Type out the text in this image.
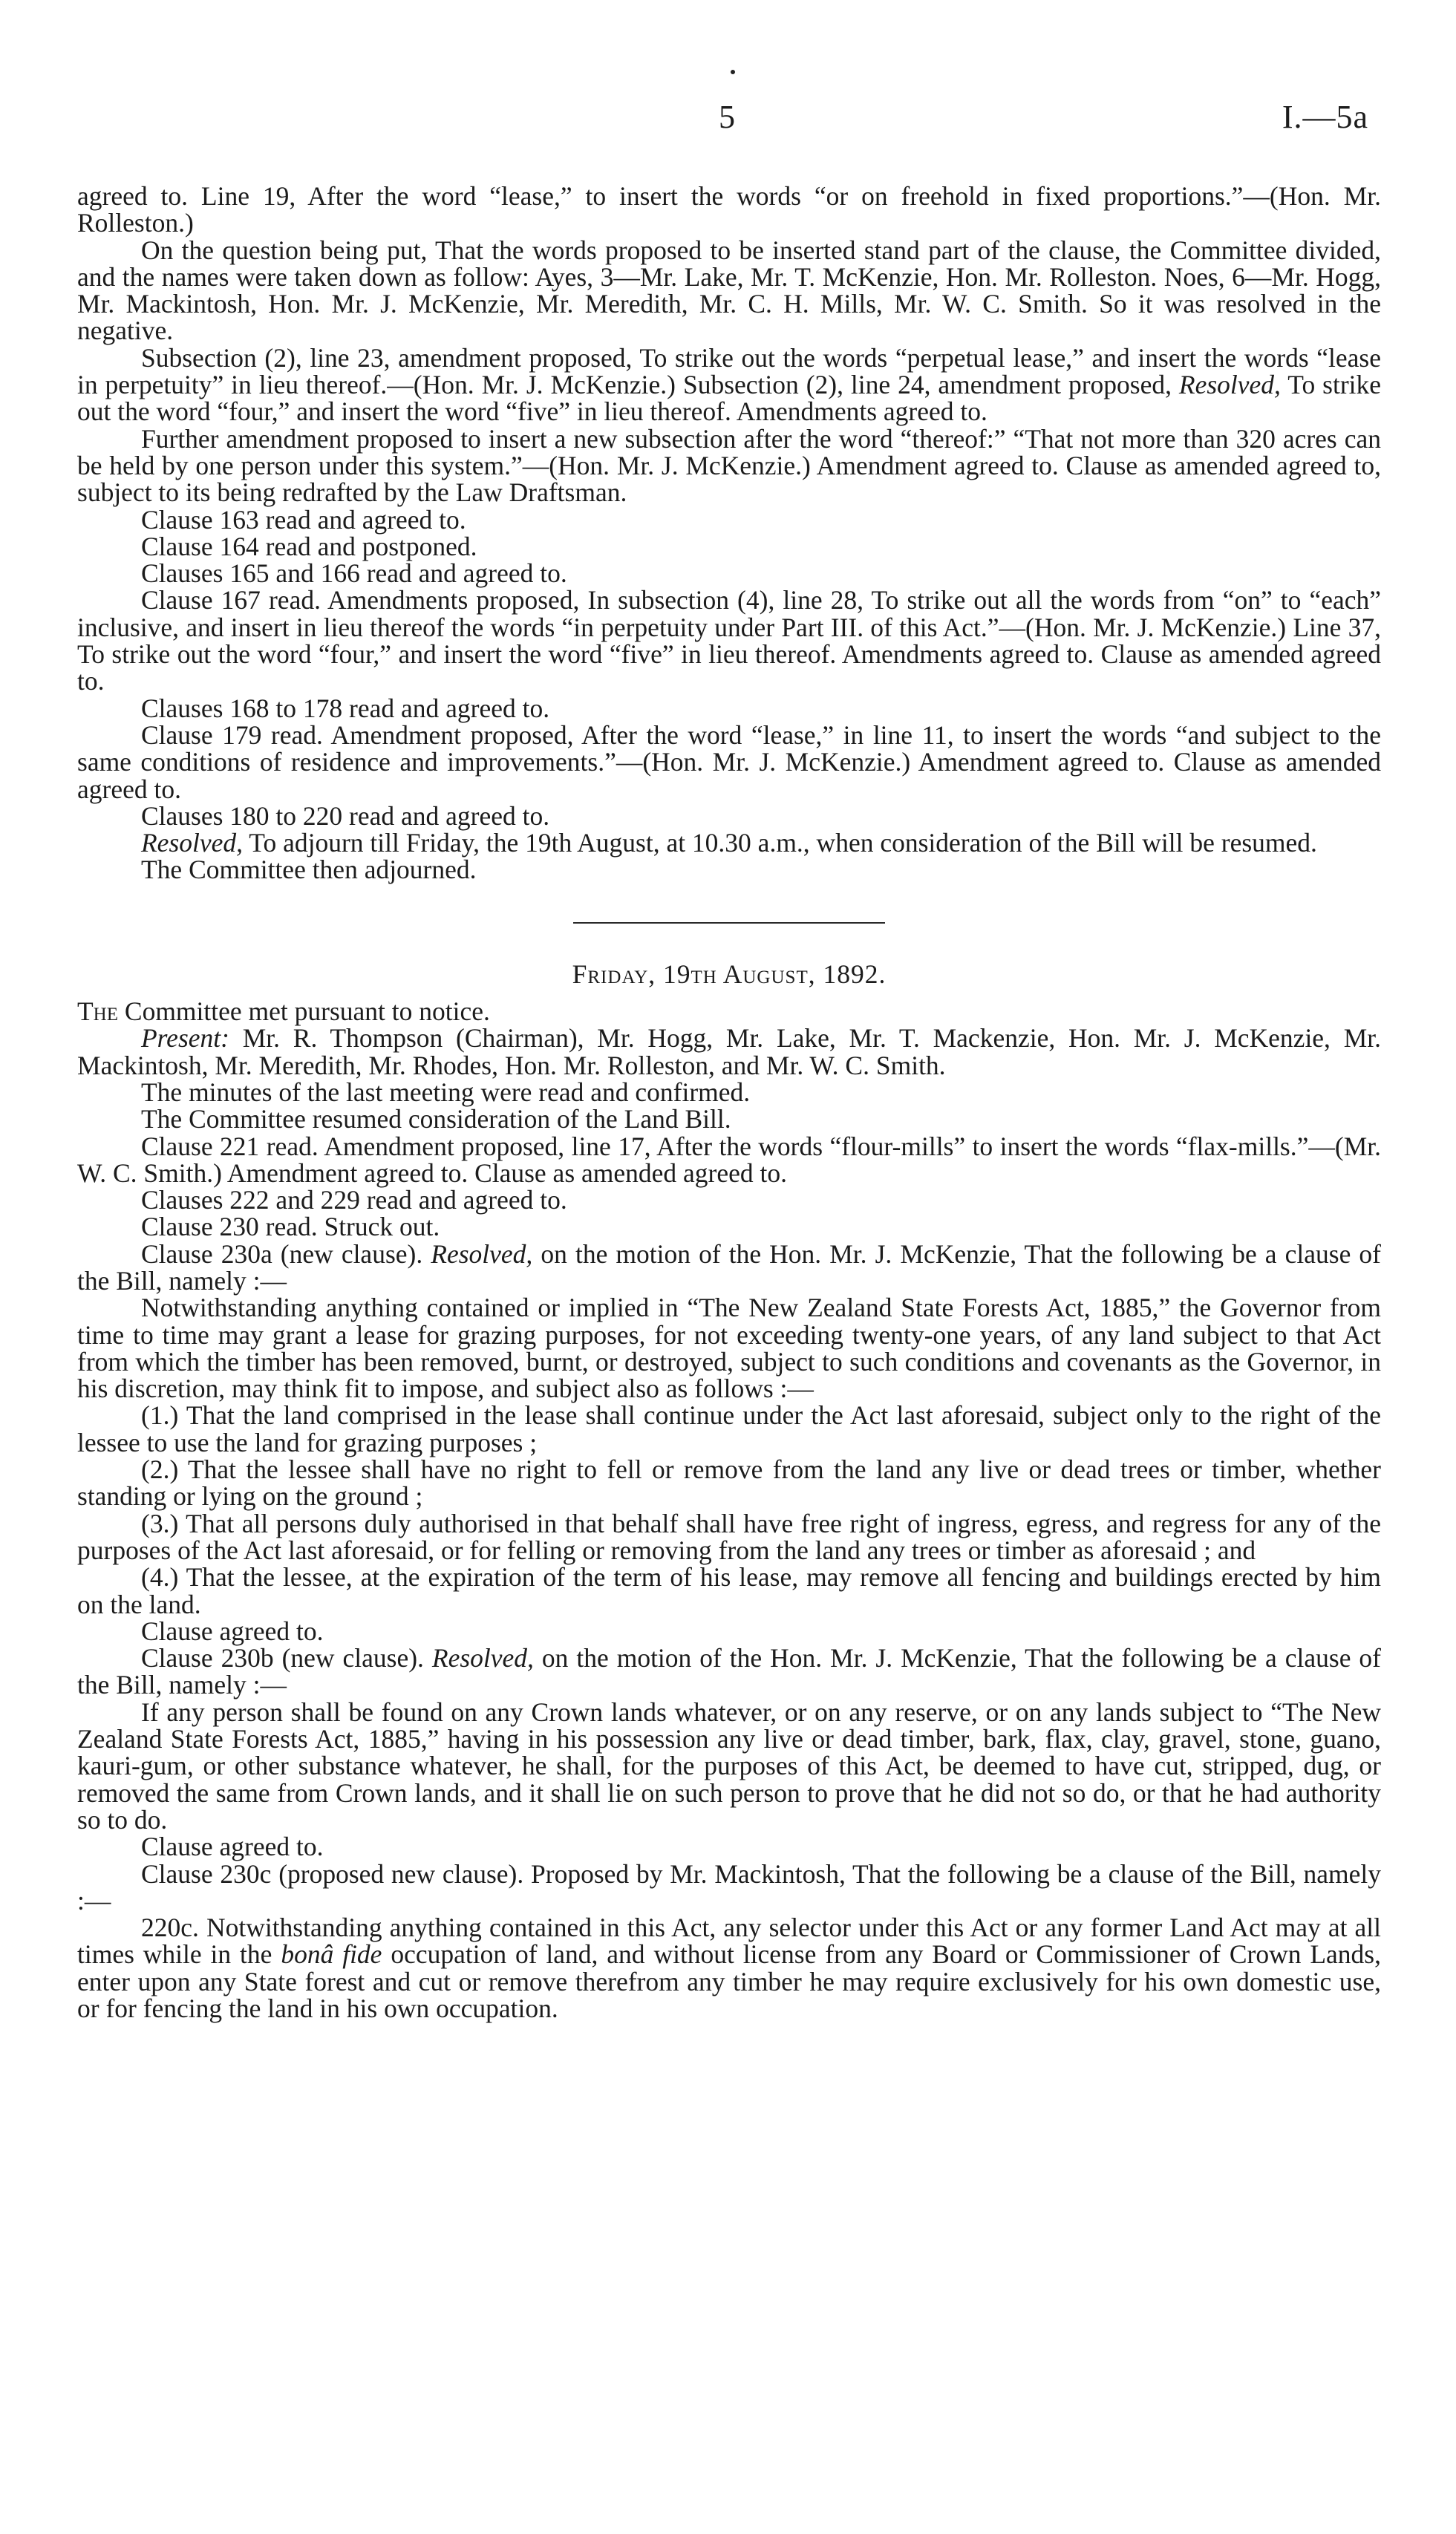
5	I.—5a

agreed to. Line 19, After the word “lease,” to insert the words “or on freehold in fixed proportions.”—(Hon. Mr. Rolleston.)

On the question being put, That the words proposed to be inserted stand part of the clause, the Committee divided, and the names were taken down as follow: Ayes, 3—Mr. Lake, Mr. T. McKenzie, Hon. Mr. Rolleston. Noes, 6—Mr. Hogg, Mr. Mackintosh, Hon. Mr. J. McKenzie, Mr. Meredith, Mr. C. H. Mills, Mr. W. C. Smith. So it was resolved in the negative.

Subsection (2), line 23, amendment proposed, To strike out the words “perpetual lease,” and insert the words “lease in perpetuity” in lieu thereof.—(Hon. Mr. J. McKenzie.) Subsection (2), line 24, amendment proposed, Resolved, To strike out the word “four,” and insert the word “five” in lieu thereof. Amendments agreed to.

Further amendment proposed to insert a new subsection after the word “thereof:” “That not more than 320 acres can be held by one person under this system.”—(Hon. Mr. J. McKenzie.) Amendment agreed to. Clause as amended agreed to, subject to its being redrafted by the Law Draftsman.

Clause 163 read and agreed to.

Clause 164 read and postponed.

Clauses 165 and 166 read and agreed to.

Clause 167 read. Amendments proposed, In subsection (4), line 28, To strike out all the words from “on” to “each” inclusive, and insert in lieu thereof the words “in perpetuity under Part III. of this Act.”—(Hon. Mr. J. McKenzie.) Line 37, To strike out the word “four,” and insert the word “five” in lieu thereof. Amendments agreed to. Clause as amended agreed to.

Clauses 168 to 178 read and agreed to.

Clause 179 read. Amendment proposed, After the word “lease,” in line 11, to insert the words “and subject to the same conditions of residence and improvements.”—(Hon. Mr. J. McKenzie.) Amendment agreed to. Clause as amended agreed to.

Clauses 180 to 220 read and agreed to.

Resolved, To adjourn till Friday, the 19th August, at 10.30 a.m., when consideration of the Bill will be resumed.

The Committee then adjourned.

Friday, 19th August, 1892.

The Committee met pursuant to notice.

Present: Mr. R. Thompson (Chairman), Mr. Hogg, Mr. Lake, Mr. T. Mackenzie, Hon. Mr. J. McKenzie, Mr. Mackintosh, Mr. Meredith, Mr. Rhodes, Hon. Mr. Rolleston, and Mr. W. C. Smith.

The minutes of the last meeting were read and confirmed.

The Committee resumed consideration of the Land Bill.

Clause 221 read. Amendment proposed, line 17, After the words “flour-mills” to insert the words “flax-mills.”—(Mr. W. C. Smith.) Amendment agreed to. Clause as amended agreed to.

Clauses 222 and 229 read and agreed to.

Clause 230 read. Struck out.

Clause 230a (new clause). Resolved, on the motion of the Hon. Mr. J. McKenzie, That the following be a clause of the Bill, namely :—

Notwithstanding anything contained or implied in “The New Zealand State Forests Act, 1885,” the Governor from time to time may grant a lease for grazing purposes, for not exceeding twenty-one years, of any land subject to that Act from which the timber has been removed, burnt, or destroyed, subject to such conditions and covenants as the Governor, in his discretion, may think fit to impose, and subject also as follows :—

(1.) That the land comprised in the lease shall continue under the Act last aforesaid, subject only to the right of the lessee to use the land for grazing purposes ;

(2.) That the lessee shall have no right to fell or remove from the land any live or dead trees or timber, whether standing or lying on the ground ;

(3.) That all persons duly authorised in that behalf shall have free right of ingress, egress, and regress for any of the purposes of the Act last aforesaid, or for felling or removing from the land any trees or timber as aforesaid ; and

(4.) That the lessee, at the expiration of the term of his lease, may remove all fencing and buildings erected by him on the land.

Clause agreed to.

Clause 230b (new clause). Resolved, on the motion of the Hon. Mr. J. McKenzie, That the following be a clause of the Bill, namely :—

If any person shall be found on any Crown lands whatever, or on any reserve, or on any lands subject to “The New Zealand State Forests Act, 1885,” having in his possession any live or dead timber, bark, flax, clay, gravel, stone, guano, kauri-gum, or other substance whatever, he shall, for the purposes of this Act, be deemed to have cut, stripped, dug, or removed the same from Crown lands, and it shall lie on such person to prove that he did not so do, or that he had authority so to do.

Clause agreed to.

Clause 230c (proposed new clause). Proposed by Mr. Mackintosh, That the following be a clause of the Bill, namely :—

220c. Notwithstanding anything contained in this Act, any selector under this Act or any former Land Act may at all times while in the bonâ fide occupation of land, and without license from any Board or Commissioner of Crown Lands, enter upon any State forest and cut or remove therefrom any timber he may require exclusively for his own domestic use, or for fencing the land in his own occupation.
